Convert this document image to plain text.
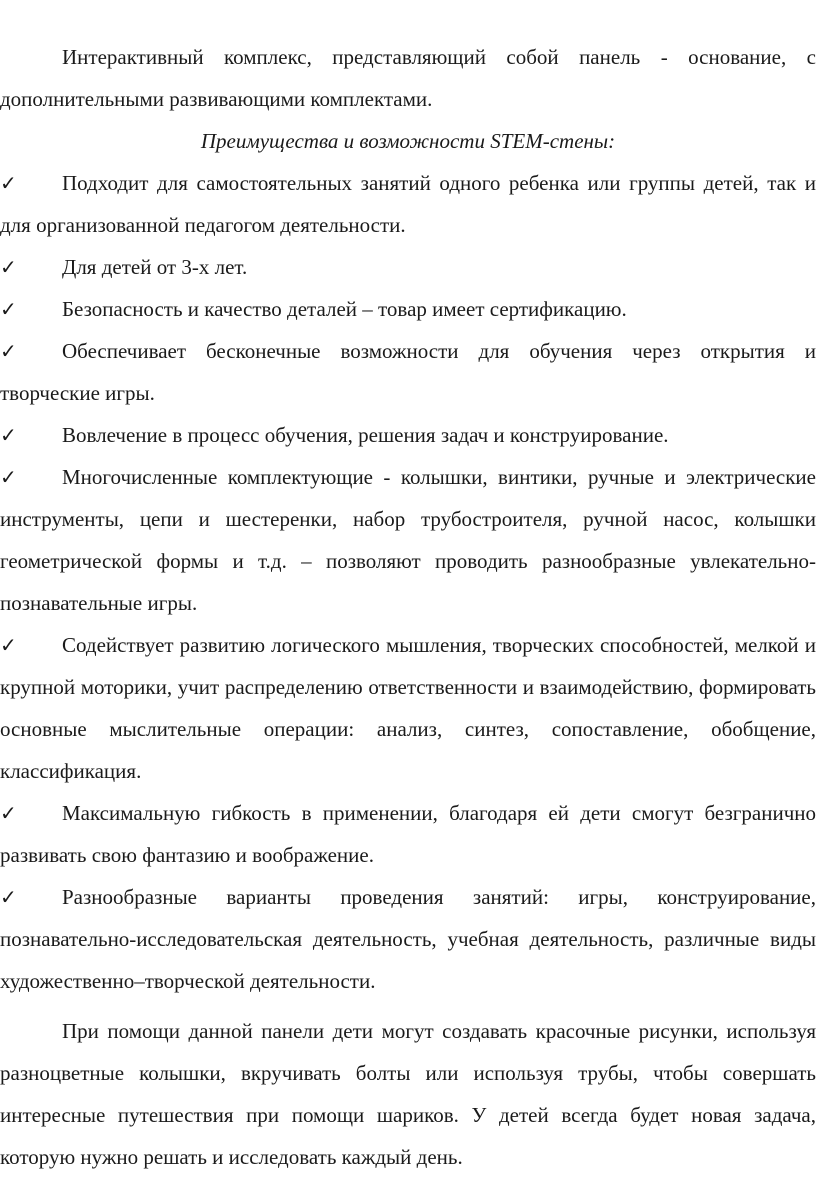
Интерактивный комплекс, представляющий собой панель - основание, с дополнительными развивающими комплектами.

Преимущества и возможности STEM-стены:

✓ Подходит для самостоятельных занятий одного ребенка или группы детей, так и для организованной педагогом деятельности.

✓ Для детей от 3-х лет.

✓ Безопасность и качество деталей – товар имеет сертификацию.

✓ Обеспечивает бесконечные возможности для обучения через открытия и творческие игры.

✓ Вовлечение в процесс обучения, решения задач и конструирование.

✓ Многочисленные комплектующие - колышки, винтики, ручные и электрические инструменты, цепи и шестеренки, набор трубостроителя, ручной насос, колышки геометрической формы и т.д. – позволяют проводить разнообразные увлекательно-познавательные игры.

✓ Содействует развитию логического мышления, творческих способностей, мелкой и крупной моторики, учит распределению ответственности и взаимодействию, формировать основные мыслительные операции: анализ, синтез, сопоставление, обобщение, классификация.

✓ Максимальную гибкость в применении, благодаря ей дети смогут безгранично развивать свою фантазию и воображение.

✓ Разнообразные варианты проведения занятий: игры, конструирование, познавательно-исследовательская деятельность, учебная деятельность, различные виды художественно–творческой деятельности.

При помощи данной панели дети могут создавать красочные рисунки, используя разноцветные колышки, вкручивать болты или используя трубы, чтобы совершать интересные путешествия при помощи шариков. У детей всегда будет новая задача, которую нужно решать и исследовать каждый день.
